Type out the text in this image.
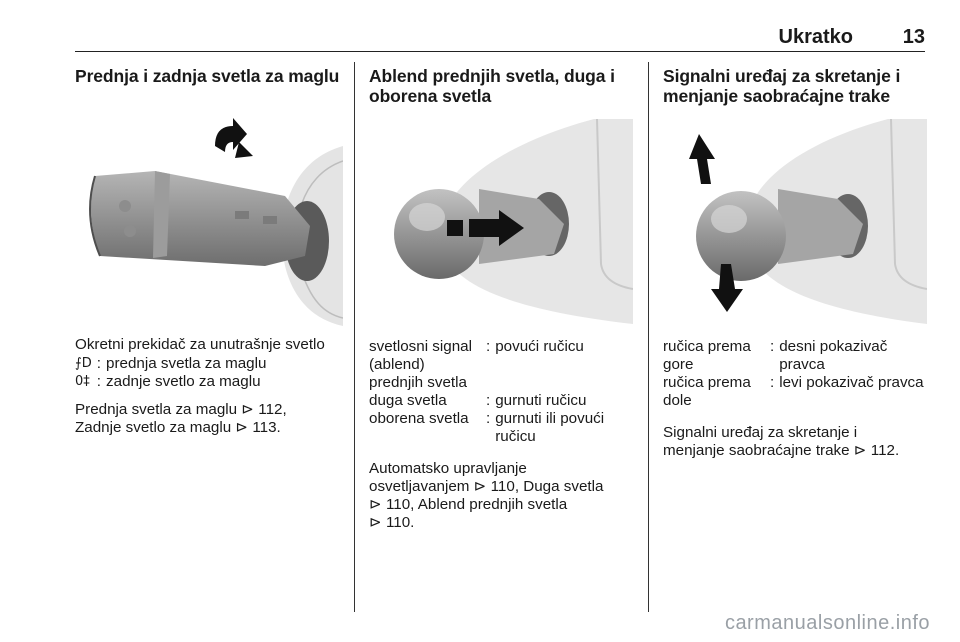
Ukratko 13
Prednja i zadnja svetla za maglu
Okretni prekidač za unutrašnje svetlo
⨍D	:	prednja svetla za maglu
0‡	:	zadnje svetlo za maglu
Prednja svetla za maglu ⊳ 112,
Zadnje svetlo za maglu ⊳ 113.
Ablend prednjih svetla, duga i
oborena svetla
svetlosni signal (ablend) prednjih svetla	:	povući ručicu
duga svetla	:	gurnuti ručicu
oborena svetla	:	gurnuti ili povući ručicu
Automatsko upravljanje
osvetljavanjem ⊳ 110, Duga svetla
⊳ 110, Ablend prednjih svetla
⊳ 110.
Signalni uređaj za skretanje i
menjanje saobraćajne trake
ručica prema gore	:	desni pokazivač pravca
ručica prema dole	:	levi pokazivač pravca
Signalni uređaj za skretanje i
menjanje saobraćajne trake ⊳ 112.
carmanualsonline.info
